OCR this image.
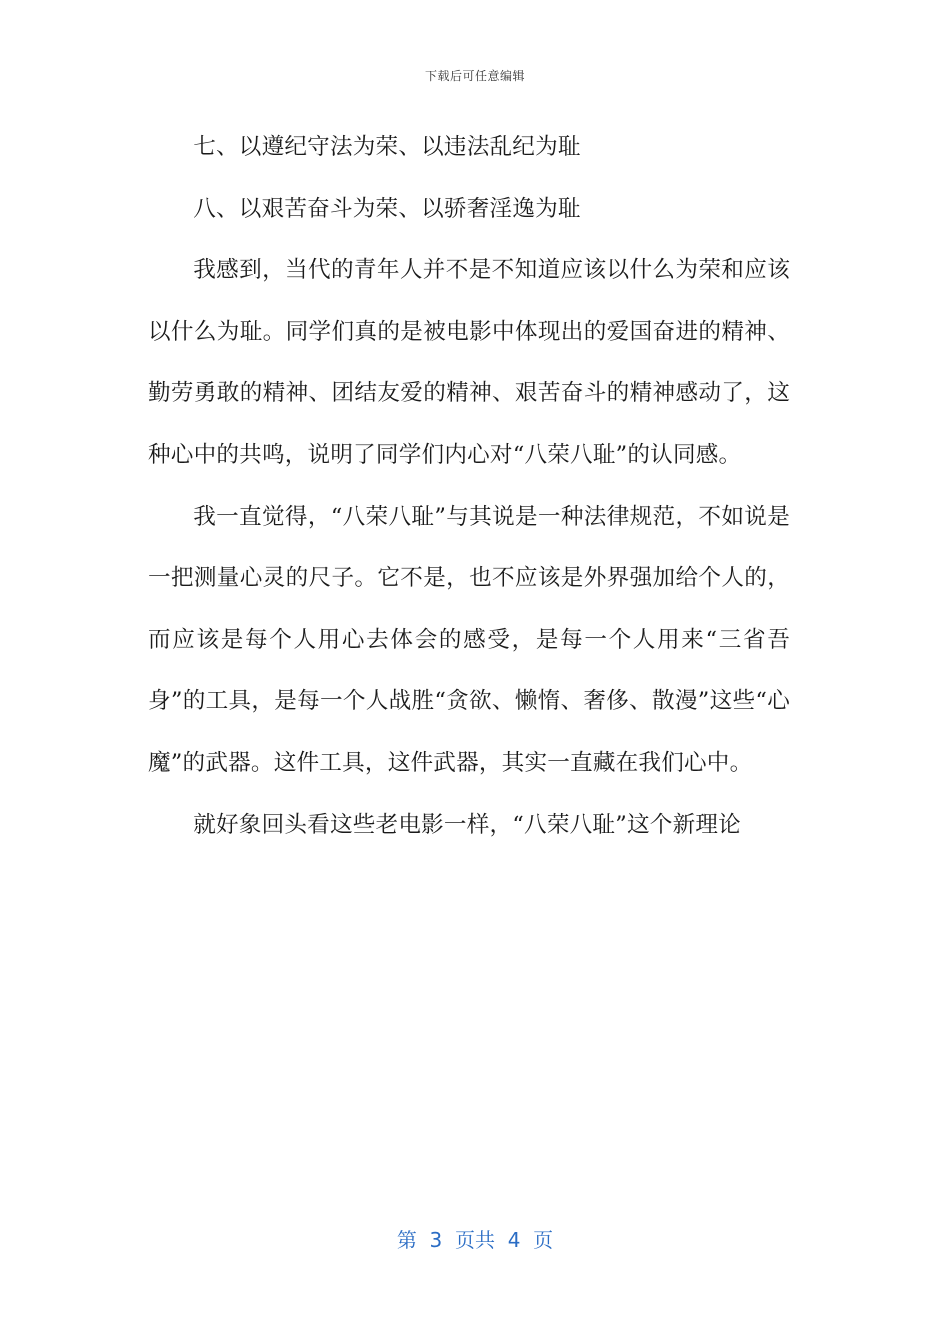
下载后可任意编辑

七、以遵纪守法为荣、以违法乱纪为耻

八、以艰苦奋斗为荣、以骄奢淫逸为耻

我感到，当代的青年人并不是不知道应该以什么为荣和应该以什么为耻。同学们真的是被电影中体现出的爱国奋进的精神、勤劳勇敢的精神、团结友爱的精神、艰苦奋斗的精神感动了，这种心中的共鸣，说明了同学们内心对“八荣八耻”的认同感。

我一直觉得，“八荣八耻”与其说是一种法律规范，不如说是一把测量心灵的尺子。它不是，也不应该是外界强加给个人的，而应该是每个人用心去体会的感受，是每一个人用来“三省吾身”的工具，是每一个人战胜“贪欲、懒惰、奢侈、散漫”这些“心魔”的武器。这件工具，这件武器，其实一直藏在我们心中。

就好象回头看这些老电影一样，“八荣八耻”这个新理论

第  3  页共  4  页
